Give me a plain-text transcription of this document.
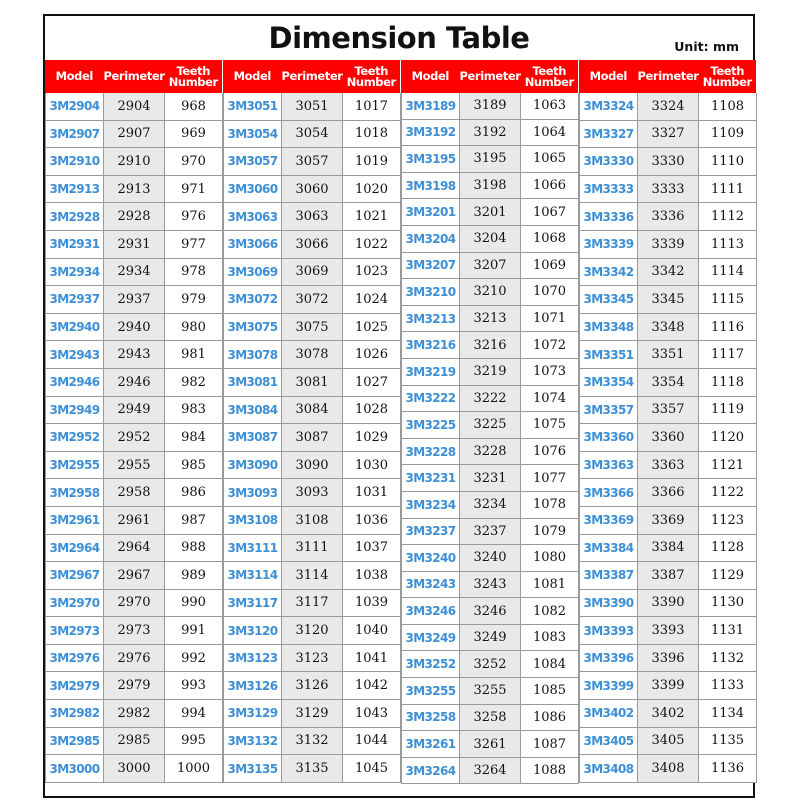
Dimension Table	Unit: mm
Model Perimeter	Teeth Number
3M2904	2904	968
3M2907	2907	969
3M2910	2910	970
3M2913	2913	971
3M2928	2928	976
3M2931	2931	977
3M2934	2934	978
3M2937	2937	979
3M2940	2940	980
3M2943	2943	981
3M2946	2946	982
3M2949	2949	983
3M2952	2952	984
3M2955	2955	985
3M2958	2958	986
3M2961	2961	987
3M2964	2964	988
3M2967	2967	989
3M2970	2970	990
3M2973	2973	991
3M2976	2976	992
3M2979	2979	993
3M2982	2982	994
3M2985	2985	995
3M3000	3000	1000
Model Perimeter	Teeth Number
3M3051	3051	1017
3M3054	3054	1018
3M3057	3057	1019
3M3060	3060	1020
3M3063	3063	1021
3M3066	3066	1022
3M3069	3069	1023
3M3072	3072	1024
3M3075	3075	1025
3M3078	3078	1026
3M3081	3081	1027
3M3084	3084	1028
3M3087	3087	1029
3M3090	3090	1030
3M3093	3093	1031
3M3108	3108	1036
3M3111	3111	1037
3M3114	3114	1038
3M3117	3117	1039
3M3120	3120	1040
3M3123	3123	1041
3M3126	3126	1042
3M3129	3129	1043
3M3132	3132	1044
3M3135	3135	1045
Model Perimeter	Teeth Number
3M3189	3189	1063
3M3192	3192	1064
3M3195	3195	1065
3M3198	3198	1066
3M3201	3201	1067
3M3204	3204	1068
3M3207	3207	1069
3M3210	3210	1070
3M3213	3213	1071
3M3216	3216	1072
3M3219	3219	1073
3M3222	3222	1074
3M3225	3225	1075
3M3228	3228	1076
3M3231	3231	1077
3M3234	3234	1078
3M3237	3237	1079
3M3240	3240	1080
3M3243	3243	1081
3M3246	3246	1082
3M3249	3249	1083
3M3252	3252	1084
3M3255	3255	1085
3M3258	3258	1086
3M3261	3261	1087
3M3264	3264	1088
Model Perimeter	Teeth Number
3M3324	3324	1108
3M3327	3327	1109
3M3330	3330	1110
3M3333	3333	1111
3M3336	3336	1112
3M3339	3339	1113
3M3342	3342	1114
3M3345	3345	1115
3M3348	3348	1116
3M3351	3351	1117
3M3354	3354	1118
3M3357	3357	1119
3M3360	3360	1120
3M3363	3363	1121
3M3366	3366	1122
3M3369	3369	1123
3M3384	3384	1128
3M3387	3387	1129
3M3390	3390	1130
3M3393	3393	1131
3M3396	3396	1132
3M3399	3399	1133
3M3402	3402	1134
3M3405	3405	1135
3M3408	3408	1136
